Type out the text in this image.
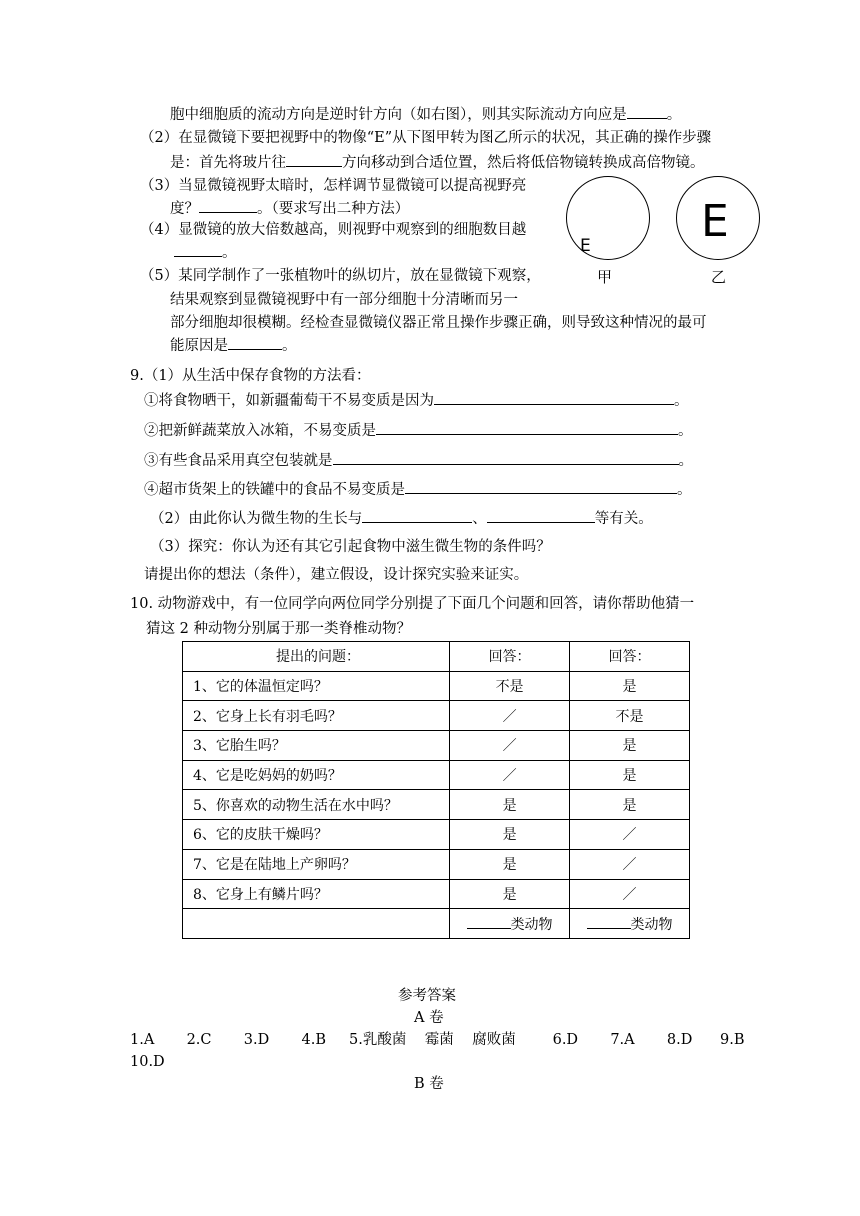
胞中细胞质的流动方向是逆时针方向（如右图），则其实际流动方向应是	。
（2）在显微镜下要把视野中的物像“E”从下图甲转为图乙所示的状况，其正确的操作步骤
是：首先将玻片往	方向移动到合适位置，然后将低倍物镜转换成高倍物镜。
（3）当显微镜视野太暗时，怎样调节显微镜可以提高视野亮
度？	。（要求写出二种方法）
（4）显微镜的放大倍数越高，则视野中观察到的细胞数目越
。
（5）某同学制作了一张植物叶的纵切片，放在显微镜下观察，
结果观察到显微镜视野中有一部分细胞十分清晰而另一
部分细胞却很模糊。经检查显微镜仪器正常且操作步骤正确，则导致这种情况的最可
能原因是	。
E
甲
E
乙
9.（1）从生活中保存食物的方法看：
①将食物晒干，如新疆葡萄干不易变质是因为	。
②把新鲜蔬菜放入冰箱，不易变质是	。
③有些食品采用真空包装就是	。
④超市货架上的铁罐中的食品不易变质是	。
（2）由此你认为微生物的生长与	、	等有关。
（3）探究：你认为还有其它引起食物中滋生微生物的条件吗？
请提出你的想法（条件），建立假设，设计探究实验来证实。
10. 动物游戏中，有一位同学向两位同学分别提了下面几个问题和回答，请你帮助他猜一
猜这 2 种动物分别属于那一类脊椎动物？
提出的问题：	回答：	回答：
1、它的体温恒定吗？	不是	是
2、它身上长有羽毛吗？	／	不是
3、它胎生吗？	／	是
4、它是吃妈妈的奶吗？	／	是
5、你喜欢的动物生活在水中吗？	是	是
6、它的皮肤干燥吗？	是	／
7、它是在陆地上产卵吗？	是	／
8、它身上有鳞片吗？	是	／
	类动物	类动物
参考答案
A 卷
1.A       2.C       3.D       4.B     5.乳酸菌    霉菌    腐败菌        6.D       7.A       8.D      9.B
10.D
B 卷
